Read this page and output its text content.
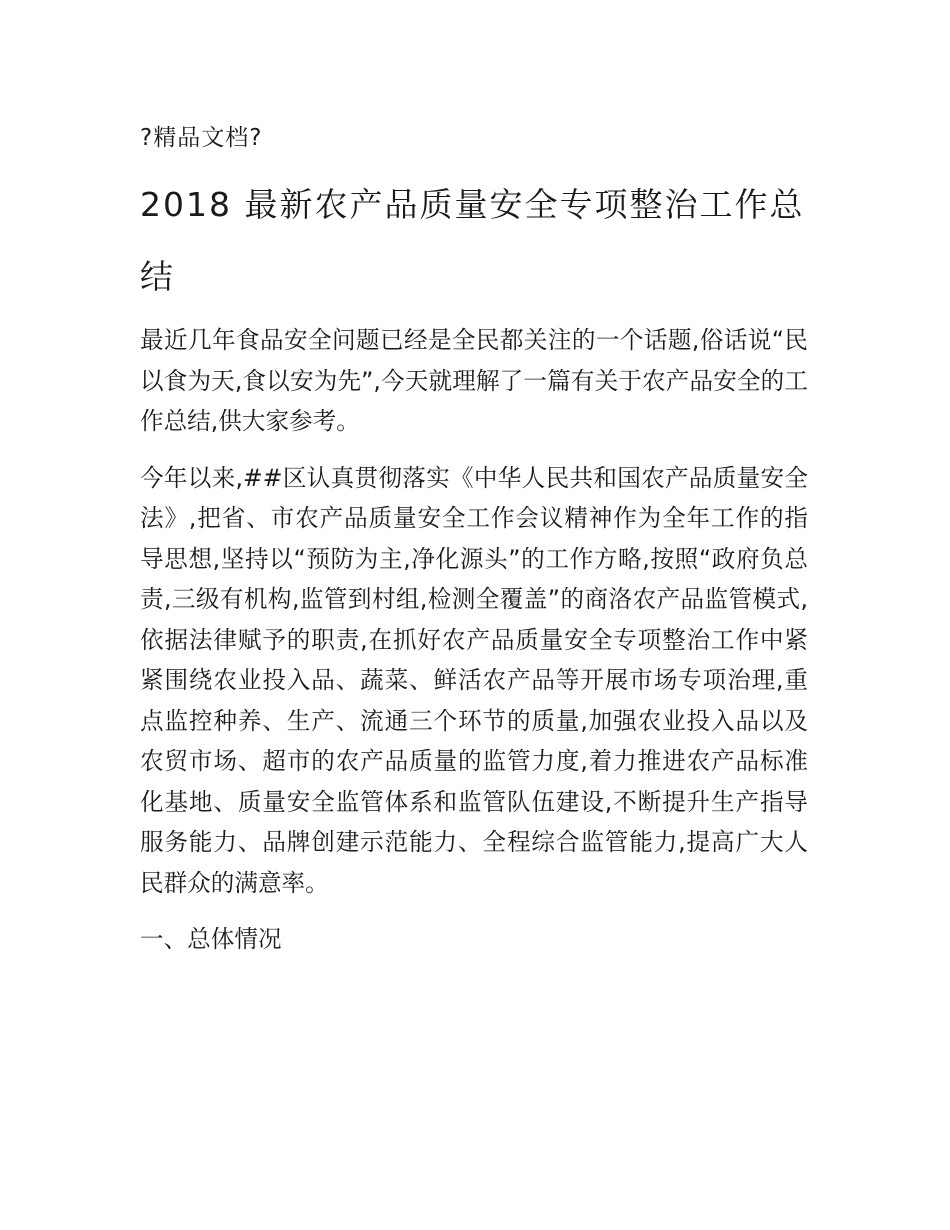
?精品文档?
2018 最新农产品质量安全专项整治工作总
结

最近几年食品安全问题已经是全民都关注的一个话题,俗话说“民以食为天,食以安为先”,今天就理解了一篇有关于农产品安全的工作总结,供大家参考。

今年以来,##区认真贯彻落实《中华人民共和国农产品质量安全法》,把省、市农产品质量安全工作会议精神作为全年工作的指导思想,坚持以“预防为主,净化源头”的工作方略,按照“政府负总责,三级有机构,监管到村组,检测全覆盖”的商洛农产品监管模式,依据法律赋予的职责,在抓好农产品质量安全专项整治工作中紧紧围绕农业投入品、蔬菜、鲜活农产品等开展市场专项治理,重点监控种养、生产、流通三个环节的质量,加强农业投入品以及农贸市场、超市的农产品质量的监管力度,着力推进农产品标准化基地、质量安全监管体系和监管队伍建设,不断提升生产指导服务能力、品牌创建示范能力、全程综合监管能力,提高广大人民群众的满意率。

一、总体情况
